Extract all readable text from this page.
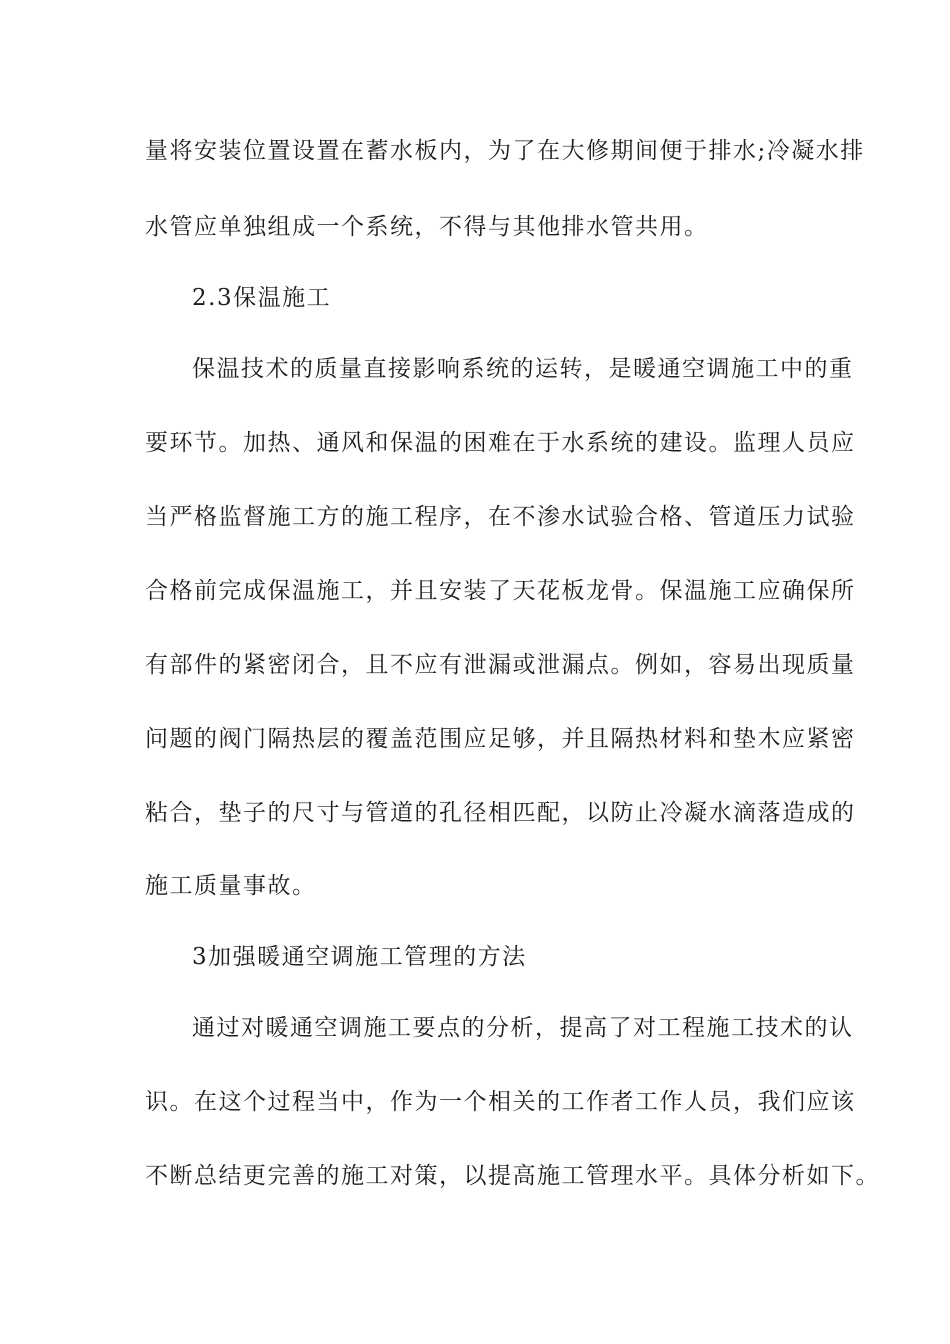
量将安装位置设置在蓄水板内，为了在大修期间便于排水;冷凝水排
水管应单独组成一个系统，不得与其他排水管共用。
2.3保温施工
保温技术的质量直接影响系统的运转，是暖通空调施工中的重
要环节。加热、通风和保温的困难在于水系统的建设。监理人员应
当严格监督施工方的施工程序，在不渗水试验合格、管道压力试验
合格前完成保温施工，并且安装了天花板龙骨。保温施工应确保所
有部件的紧密闭合，且不应有泄漏或泄漏点。例如，容易出现质量
问题的阀门隔热层的覆盖范围应足够，并且隔热材料和垫木应紧密
粘合，垫子的尺寸与管道的孔径相匹配，以防止冷凝水滴落造成的
施工质量事故。
3加强暖通空调施工管理的方法
通过对暖通空调施工要点的分析，提高了对工程施工技术的认
识。在这个过程当中，作为一个相关的工作者工作人员，我们应该
不断总结更完善的施工对策，以提高施工管理水平。具体分析如下。
